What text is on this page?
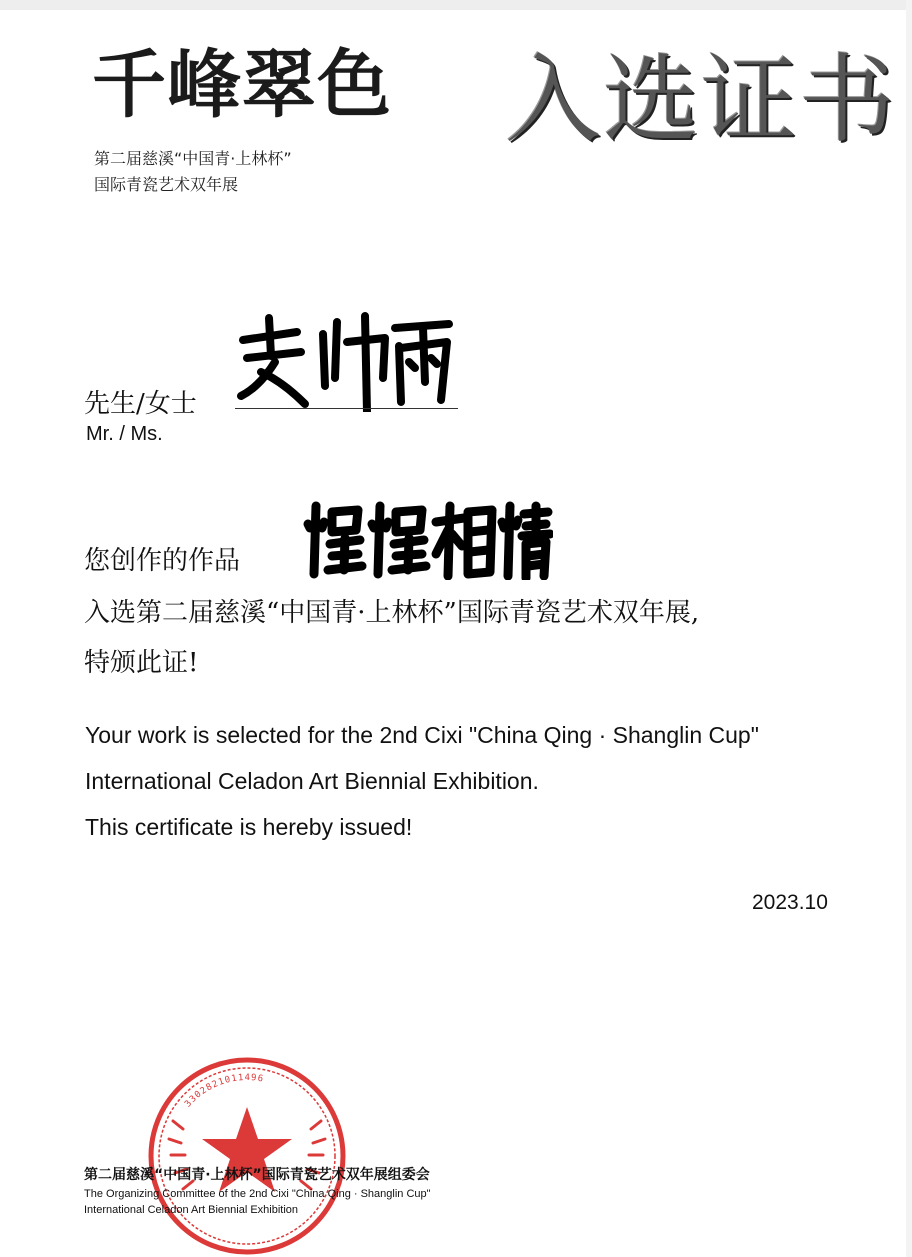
千峰翠色
第二届慈溪“中国青·上林杯”
国际青瓷艺术双年展
入选证书
先生/女士
Mr. / Ms.
您创作的作品
入选第二届慈溪“中国青·上林杯”国际青瓷艺术双年展,
特颁此证!
Your work is selected for the 2nd Cixi "China Qing · Shanglin Cup"
International Celadon Art Biennial Exhibition.
This certificate is hereby issued!
2023.10
3302821011496
第二届慈溪“中国青·上林杯”国际青瓷艺术双年展组委会
The Organizing Committee of the 2nd Cixi "China Qing · Shanglin Cup"
International Celadon Art Biennial Exhibition
